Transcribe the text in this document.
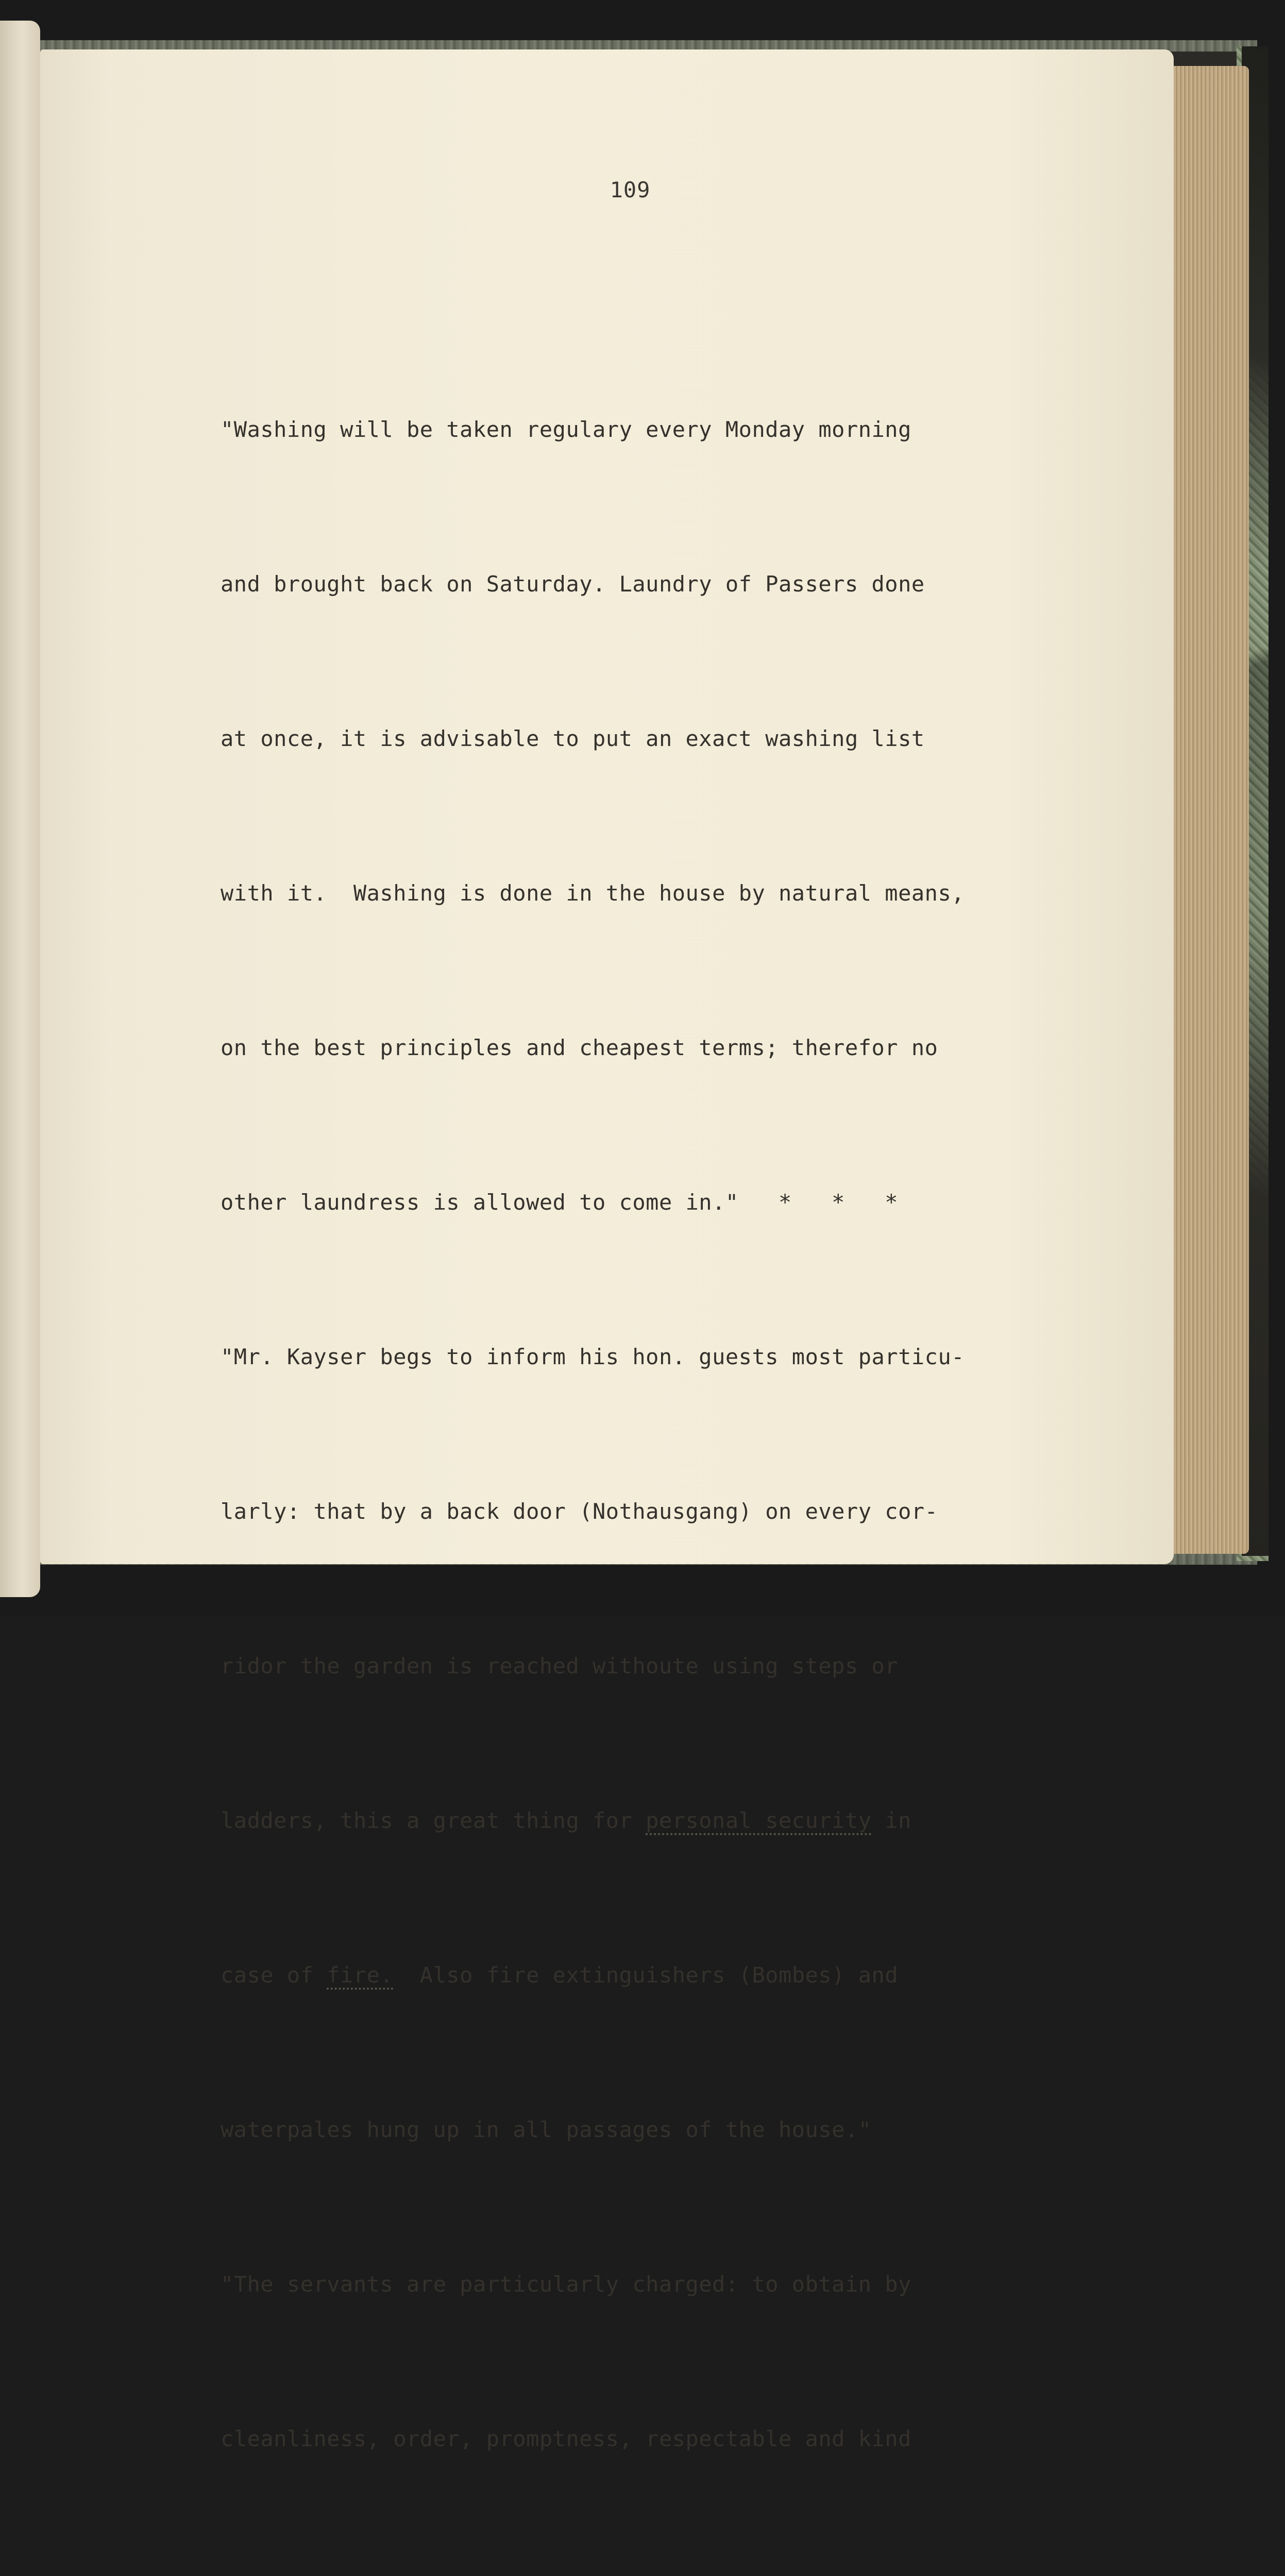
109

"Washing will be taken regulary every Monday morning

and brought back on Saturday. Laundry of Passers done

at once, it is advisable to put an exact washing list

with it.  Washing is done in the house by natural means,

on the best principles and cheapest terms; therefor no

other laundress is allowed to come in."   *   *   *

"Mr. Kayser begs to inform his hon. guests most particu-

larly: that by a back door (Nothausgang) on every cor-

ridor the garden is reached withoute using steps or

ladders, this a great thing for personal security in

case of fire.  Also fire extinguishers (Bombes) and

waterpales hung up in all passages of the house."

"The servants are particularly charged: to obtain by

cleanliness, order, promptness, respectable and kind
